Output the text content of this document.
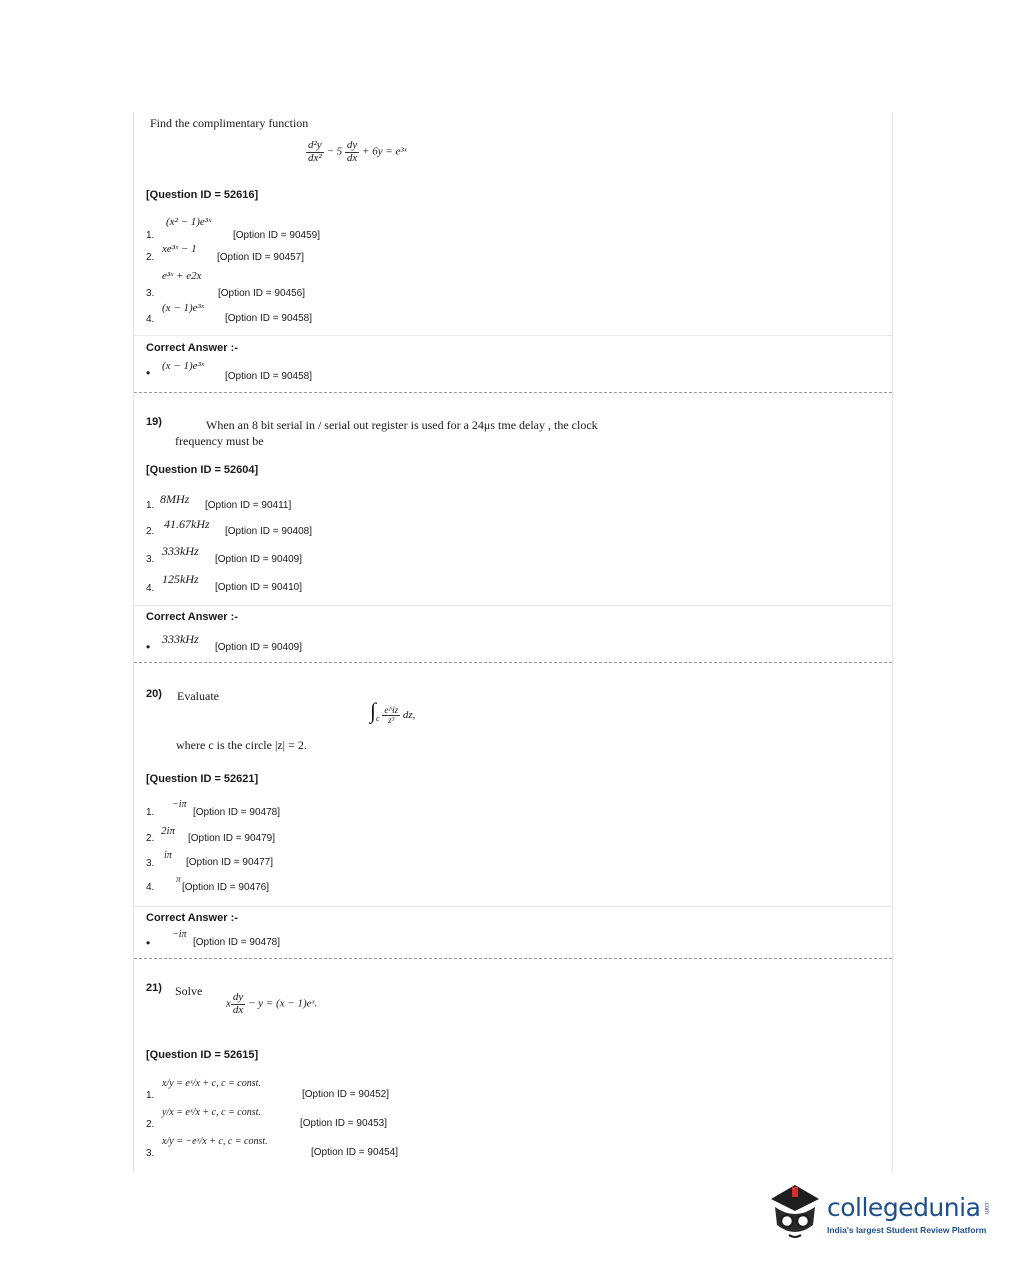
Find the complimentary function
$\frac{\text{d²y}}{\text{dx²}} - 5 \frac{dy}{dx} + 6y$ = e³ˣ
[Question ID = 52616]
1.
(x² − 1)e³ˣ
[Option ID = 90459]
2.
xe³ˣ − 1
[Option ID = 90457]
3.
e³ˣ + e2x
[Option ID = 90456]
4.
(x − 1)e³ˣ
[Option ID = 90458]
Correct Answer :-
• (x − 1)e³ˣ
[Option ID = 90458]
19)	When an 8 bit serial in / serial out register is used for a 24μs tme delay , the clock
frequency must be
[Question ID = 52604]
1. 8MHz [Option ID = 90411]
2.
41.67kHz
[Option ID = 90408]
3.
333kHz
[Option ID = 90409]
4.
125kHz
[Option ID = 90410]
Correct Answer :-
•
333kHz
[Option ID = 90409]
20) Evaluate
$\int_c \frac{e\^{}iz}{\text{z³}}$ dz,
where c is the circle |z| = 2.
[Question ID = 52621]
1.
−iπ
[Option ID = 90478]
2.
2iπ
[Option ID = 90479]
3.
iπ
[Option ID = 90477]
4.
π
[Option ID = 90476]
Correct Answer :-
•
−iπ
[Option ID = 90478]
21) Solve
x $\frac{dy}{dx} - y = (x$ − 1)eˣ.
[Question ID = 52615]
1.
x/y = eˣ/x + c, c = const.
[Option ID = 90452]
2.
y/x = eˣ/x + c, c = const.
[Option ID = 90453]
3.
x/y = −eˣ/x + c, c = const.
[Option ID = 90454]
collegedunia .com
India's largest Student Review Platform
